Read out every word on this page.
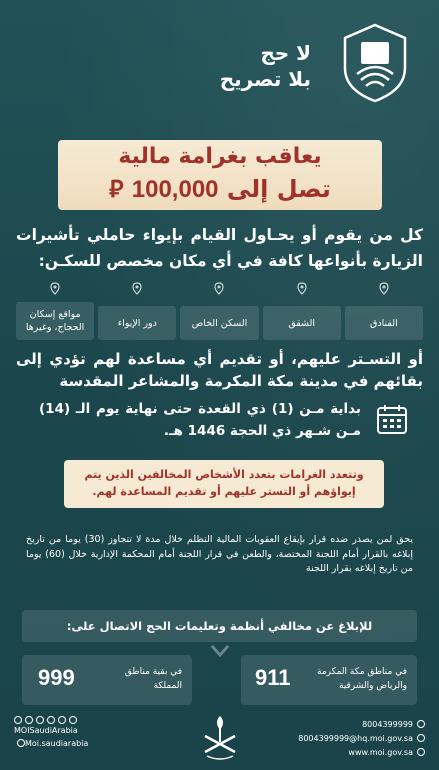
لا حج
بلا تصريح
يعاقب بغرامة مالية
تصل إلى 100,000 ⃁
كل من يقوم أو يحـاول القيام بإيواء حاملي تأشيرات الزيارة بأنواعها كافة في أي مكان مخصص للسكـن:
الفنادق
الشقق
السكن الخاص
دور الإيواء
مواقع إسكان الحجاج، وغيرها
أو التسـتر عليهم، أو تقديم أي مساعدة لهم تؤدي إلى بقائهم في مدينة مكة المكرمة والمشاعر المقدسة
بداية مـن (1) ذي القعدة حتى نهاية يوم الـ (14) مـن شـهر ذي الحجة 1446 هـ.
وتتعدد الغرامات بتعدد الأشخاص المخالفين الذين يتم إيواؤهم أو التستر عليهم أو تقديم المساعدة لهم.
يحق لمن يصدر ضده قرار بإيقاع العقوبات المالية التظلم خلال مدة لا تتجاوز (30) يوما من تاريخ إبلاغه بالقرار أمام اللجنة المختصة، والطعن في قرار اللجنة أمام المحكمة الإدارية خلال (60) يوما من تاريخ إبلاغه بقرار اللجنة
للإبلاغ عن مخالفي أنظمة وتعليمات الحج الاتصال على:
في مناطق مكة المكرمة والرياض والشرقية
911
في بقية مناطق المملكة
999
MOISaudiArabia
Moi.saudiarabia
8004399999
8004399999@hq.moi.gov.sa
www.moi.gov.sa
